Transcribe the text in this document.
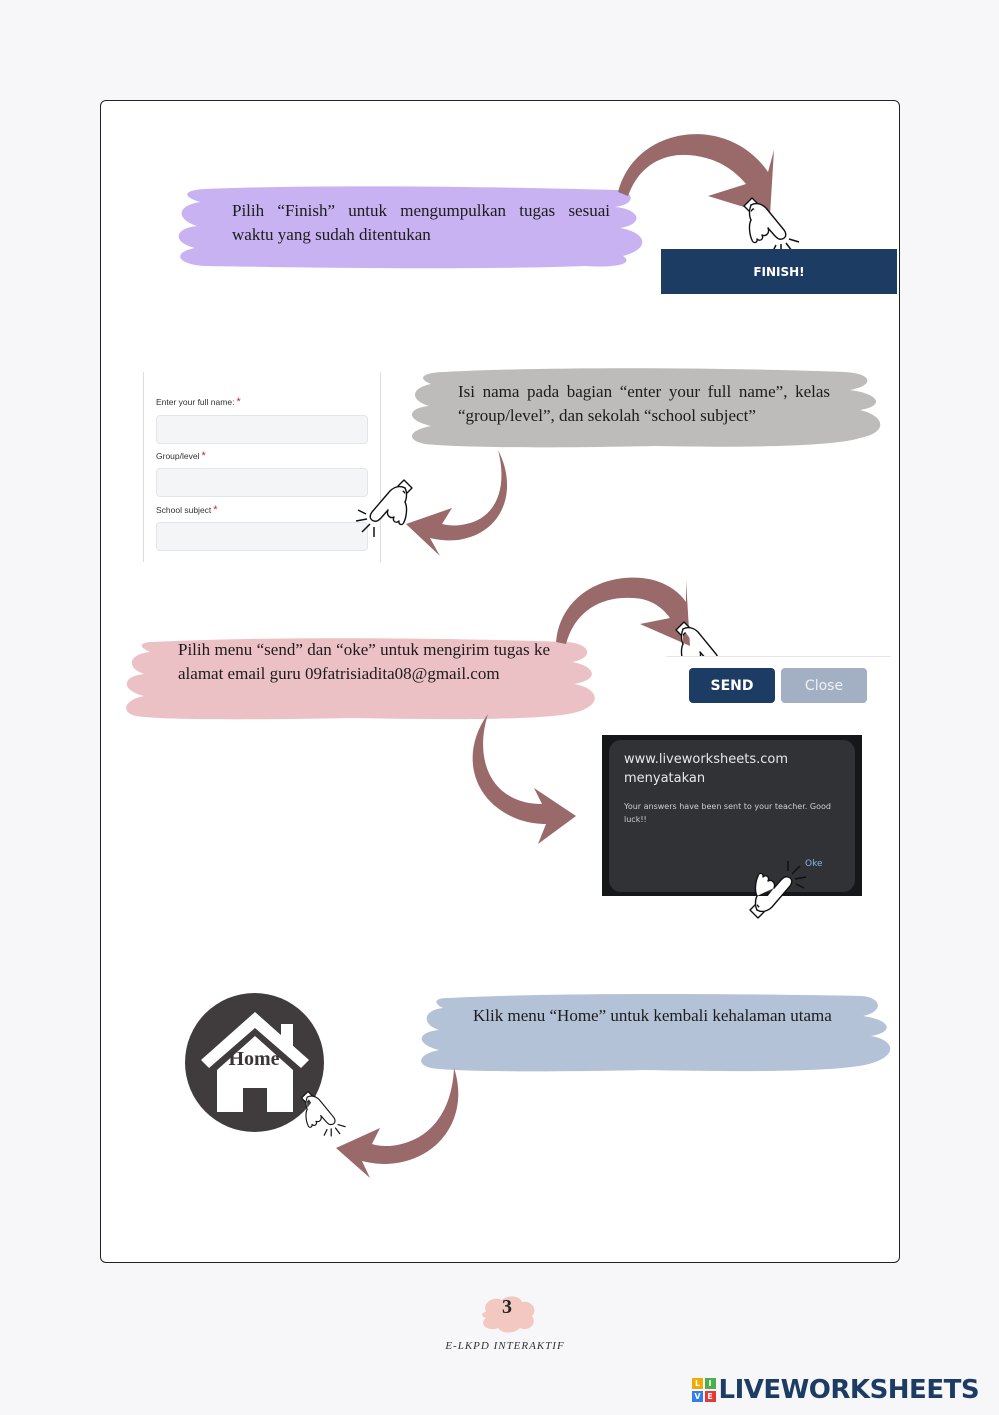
Pilih “Finish” untuk mengumpulkan tugas sesuai waktu yang sudah ditentukan
FINISH!
Enter your full name: *
Group/level *
School subject *
Isi nama pada bagian “enter your full name”, kelas “group/level”, dan sekolah “school subject”
Pilih menu “send” dan “oke” untuk mengirim tugas ke alamat email guru 09fatrisiadita08@gmail.com
SEND	Close
www.liveworksheets.com menyatakan
Your answers have been sent to your teacher. Good luck!!
Oke
Home
Klik menu “Home” untuk kembali kehalaman utama
3
E-LKPD INTERAKTIF
L	I
V E LIVEWORKSHEETS
